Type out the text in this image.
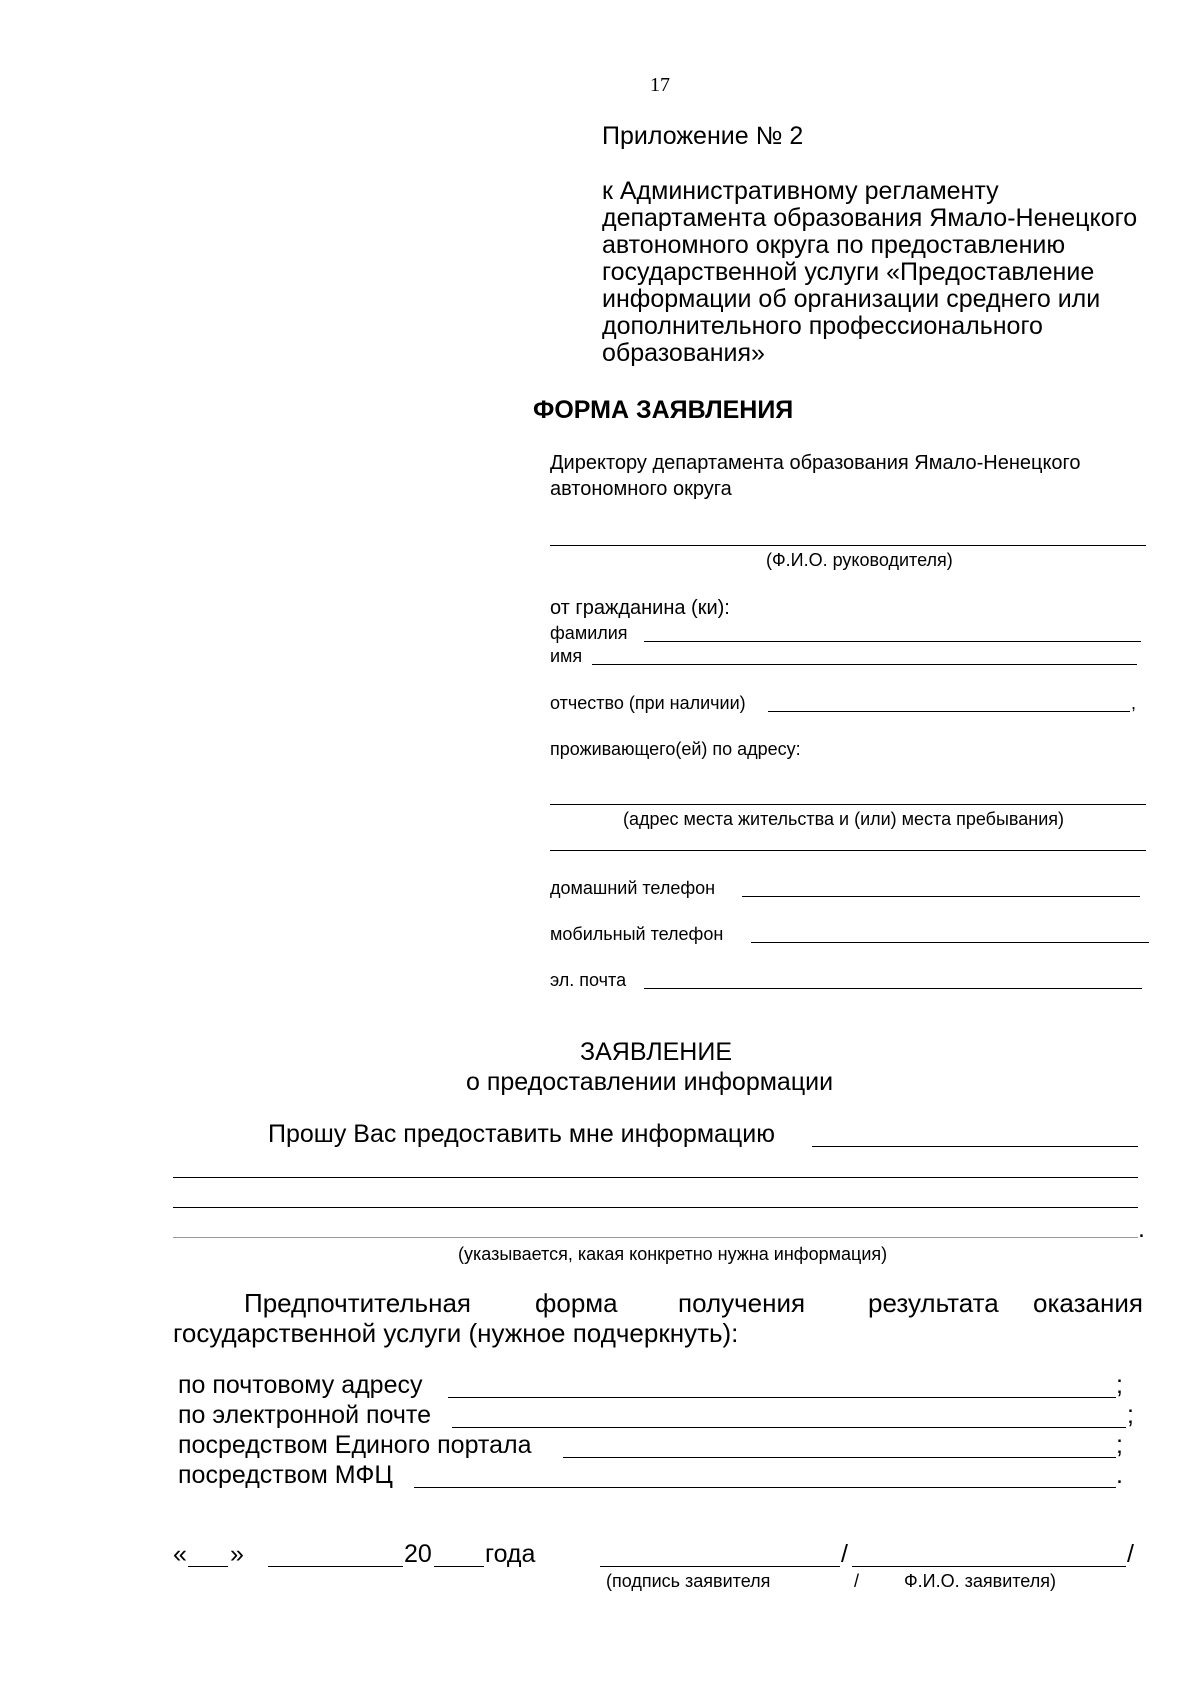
17
Приложение № 2
к Административному регламенту
департамента образования Ямало-Ненецкого
автономного округа по предоставлению
государственной услуги «Предоставление
информации об организации среднего или
дополнительного профессионального
образования»
ФОРМА ЗАЯВЛЕНИЯ
Директору департамента образования Ямало-Ненецкого
автономного округа
(Ф.И.О. руководителя)
от гражданина (ки):
фамилия
имя
отчество (при наличии)	,
проживающего(ей) по адресу:
(адрес места жительства и (или) места пребывания)
домашний телефон
мобильный телефон
эл. почта
ЗАЯВЛЕНИЕ
о предоставлении информации
Прошу Вас предоставить мне информацию
.
(указывается, какая конкретно нужна информация)
Предпочтительная форма получения результата оказания
государственной услуги (нужное подчеркнуть):
по почтовому адресу	;
по электронной почте	;
посредством Единого портала	;
посредством МФЦ	.
« »	20 года	/	/
(подпись заявителя	/ Ф.И.О. заявителя)
